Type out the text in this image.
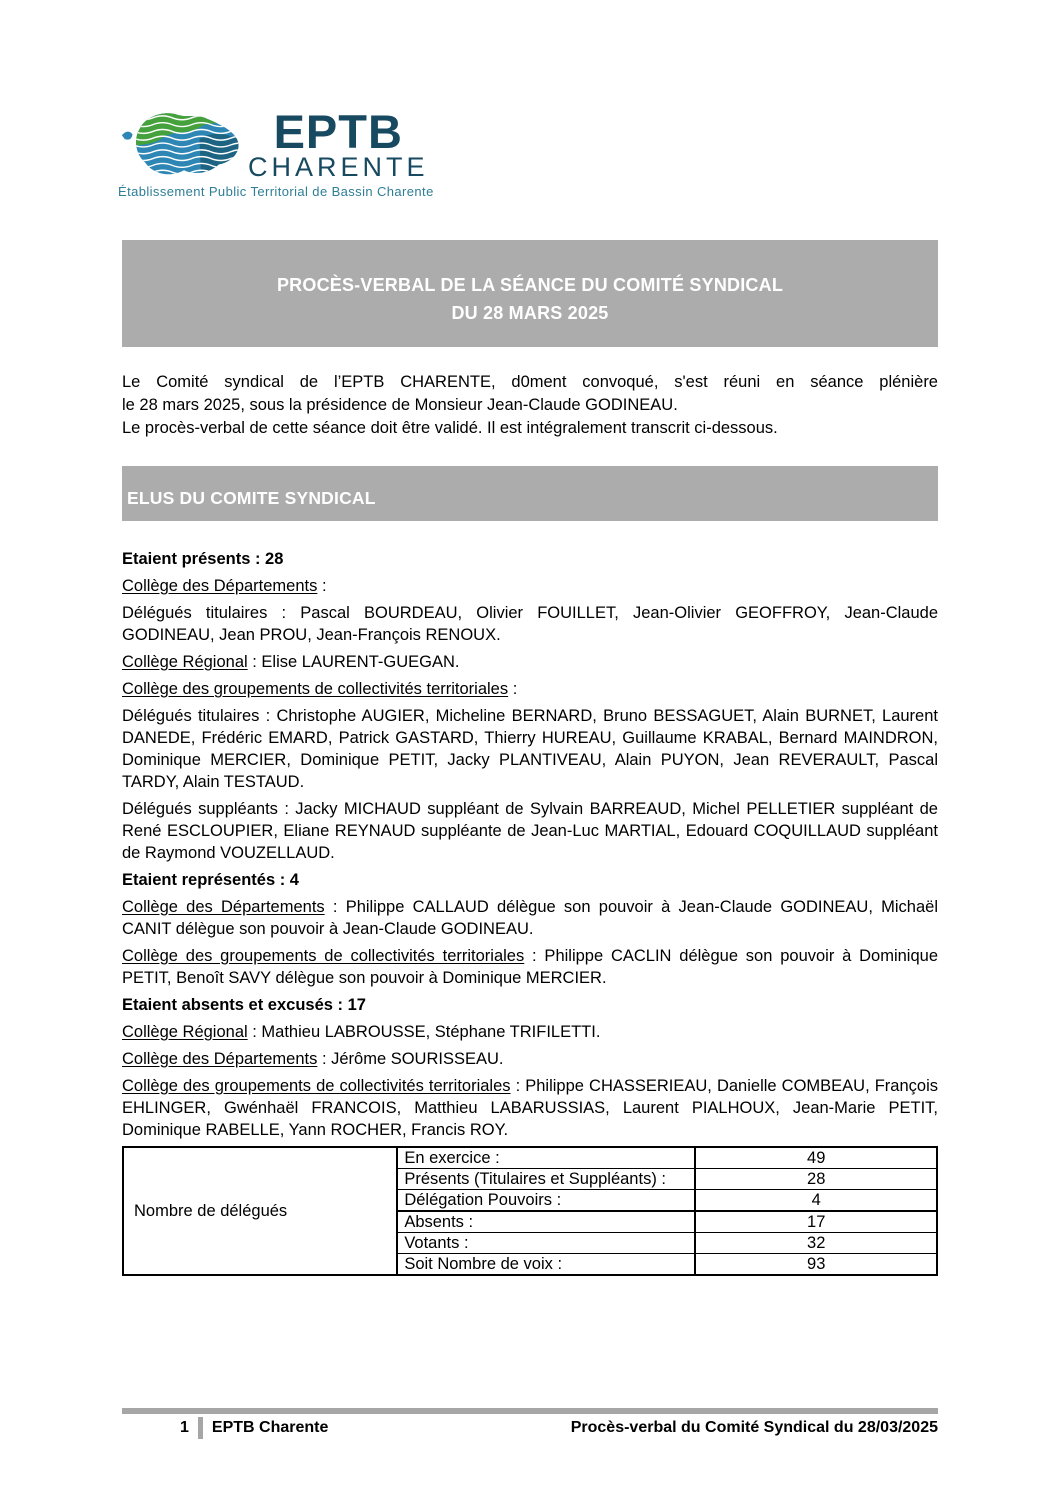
EPTB
CHARENTE
Établissement Public Territorial de Bassin Charente
PROCÈS-VERBAL DE LA SÉANCE DU COMITÉ SYNDICAL
DU 28 MARS 2025
Le Comité syndical de l’EPTB CHARENTE, d0ment convoqué, s'est réuni en séance plénière
le 28 mars 2025, sous la présidence de Monsieur Jean-Claude GODINEAU.
Le procès-verbal de cette séance doit être validé. Il est intégralement transcrit ci-dessous.
ELUS DU COMITE SYNDICAL
Etaient présents : 28
Collège des Départements :
Délégués titulaires : Pascal BOURDEAU, Olivier FOUILLET, Jean-Olivier GEOFFROY, Jean-Claude GODINEAU, Jean PROU, Jean-François RENOUX.
Collège Régional : Elise LAURENT-GUEGAN.
Collège des groupements de collectivités territoriales :
Délégués titulaires : Christophe AUGIER, Micheline BERNARD, Bruno BESSAGUET, Alain BURNET, Laurent DANEDE, Frédéric EMARD, Patrick GASTARD, Thierry HUREAU, Guillaume KRABAL, Bernard MAINDRON, Dominique MERCIER, Dominique PETIT, Jacky PLANTIVEAU, Alain PUYON, Jean REVERAULT, Pascal TARDY, Alain TESTAUD.
Délégués suppléants : Jacky MICHAUD suppléant de Sylvain BARREAUD, Michel PELLETIER suppléant de René ESCLOUPIER, Eliane REYNAUD suppléante de Jean-Luc MARTIAL, Edouard COQUILLAUD suppléant de Raymond VOUZELLAUD.
Etaient représentés : 4
Collège des Départements : Philippe CALLAUD délègue son pouvoir à Jean-Claude GODINEAU, Michaël CANIT délègue son pouvoir à Jean-Claude GODINEAU.
Collège des groupements de collectivités territoriales : Philippe CACLIN délègue son pouvoir à Dominique PETIT, Benoît SAVY délègue son pouvoir à Dominique MERCIER.
Etaient absents et excusés : 17
Collège Régional : Mathieu LABROUSSE, Stéphane TRIFILETTI.
Collège des Départements : Jérôme SOURISSEAU.
Collège des groupements de collectivités territoriales : Philippe CHASSERIEAU, Danielle COMBEAU, François EHLINGER, Gwénhaël FRANCOIS, Matthieu LABARUSSIAS, Laurent PIALHOUX, Jean-Marie PETIT, Dominique RABELLE, Yann ROCHER, Francis ROY.
Nombre de délégués	En exercice :	49
	Présents (Titulaires et Suppléants) :	28
	Délégation Pouvoirs :	4
	Absents :	17
	Votants :	32
	Soit Nombre de voix :	93
1 EPTB Charente	Procès-verbal du Comité Syndical du 28/03/2025
